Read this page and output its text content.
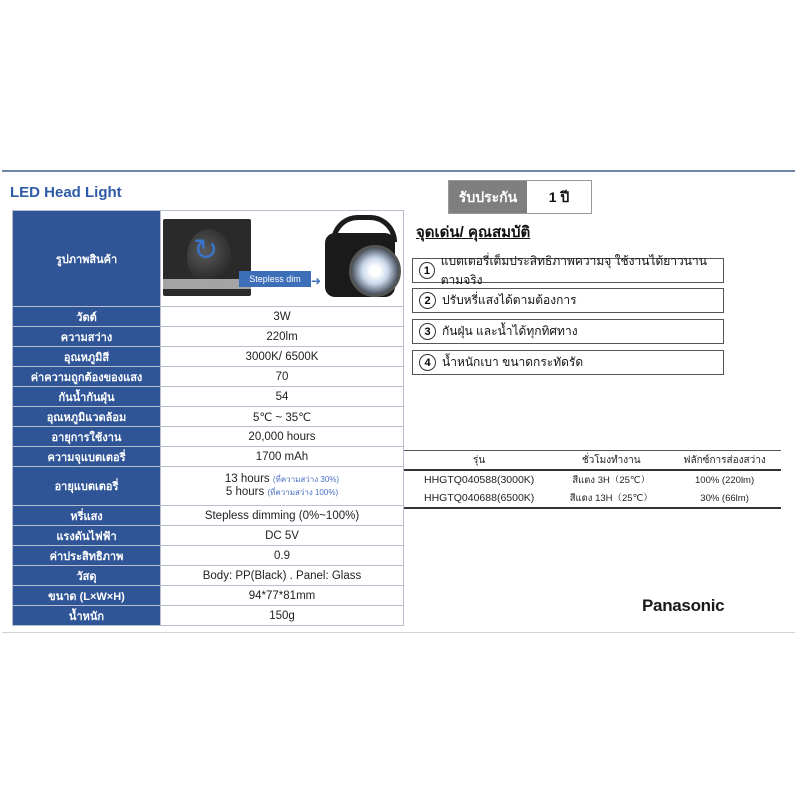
LED Head Light
รูปภาพสินค้า	↻
Stepless dim ➜

วัตต์	3W
ความสว่าง	220lm
อุณหภูมิสี	3000K/ 6500K
ค่าความถูกต้องของแสง	70
กันน้ำกันฝุ่น	54
อุณหภูมิแวดล้อม	5℃ ~ 35℃
อายุการใช้งาน	20,000 hours
ความจุแบตเตอรี่	1700 mAh
อายุแบตเตอรี่	13 hours (ที่ความสว่าง 30%)
5 hours (ที่ความสว่าง 100%)

หรี่แสง	Stepless dimming (0%~100%)
แรงดันไฟฟ้า	DC 5V
ค่าประสิทธิภาพ	0.9
วัสดุ	Body: PP(Black) . Panel: Glass
ขนาด (L×W×H)	94*77*81mm
น้ำหนัก	150g
รับประกัน	1 ปี
จุดเด่น/ คุณสมบัติ
1
แบตเตอรี่เต็มประสิทธิภาพความจุ ใช้งานได้ยาวนานตามจริง
2 ปรับหรี่แสงได้ตามต้องการ
3 กันฝุ่น และน้ำได้ทุกทิศทาง
4 น้ำหนักเบา ขนาดกระทัดรัด
รุ่น	ชั่วโมงทำงาน	ฟลักซ์การส่องสว่าง
HHGTQ040588(3000K)	สีแดง 3H（25℃）	100% (220lm)
HHGTQ040688(6500K)	สีแดง 13H（25℃）	30% (66lm)
Panasonic
